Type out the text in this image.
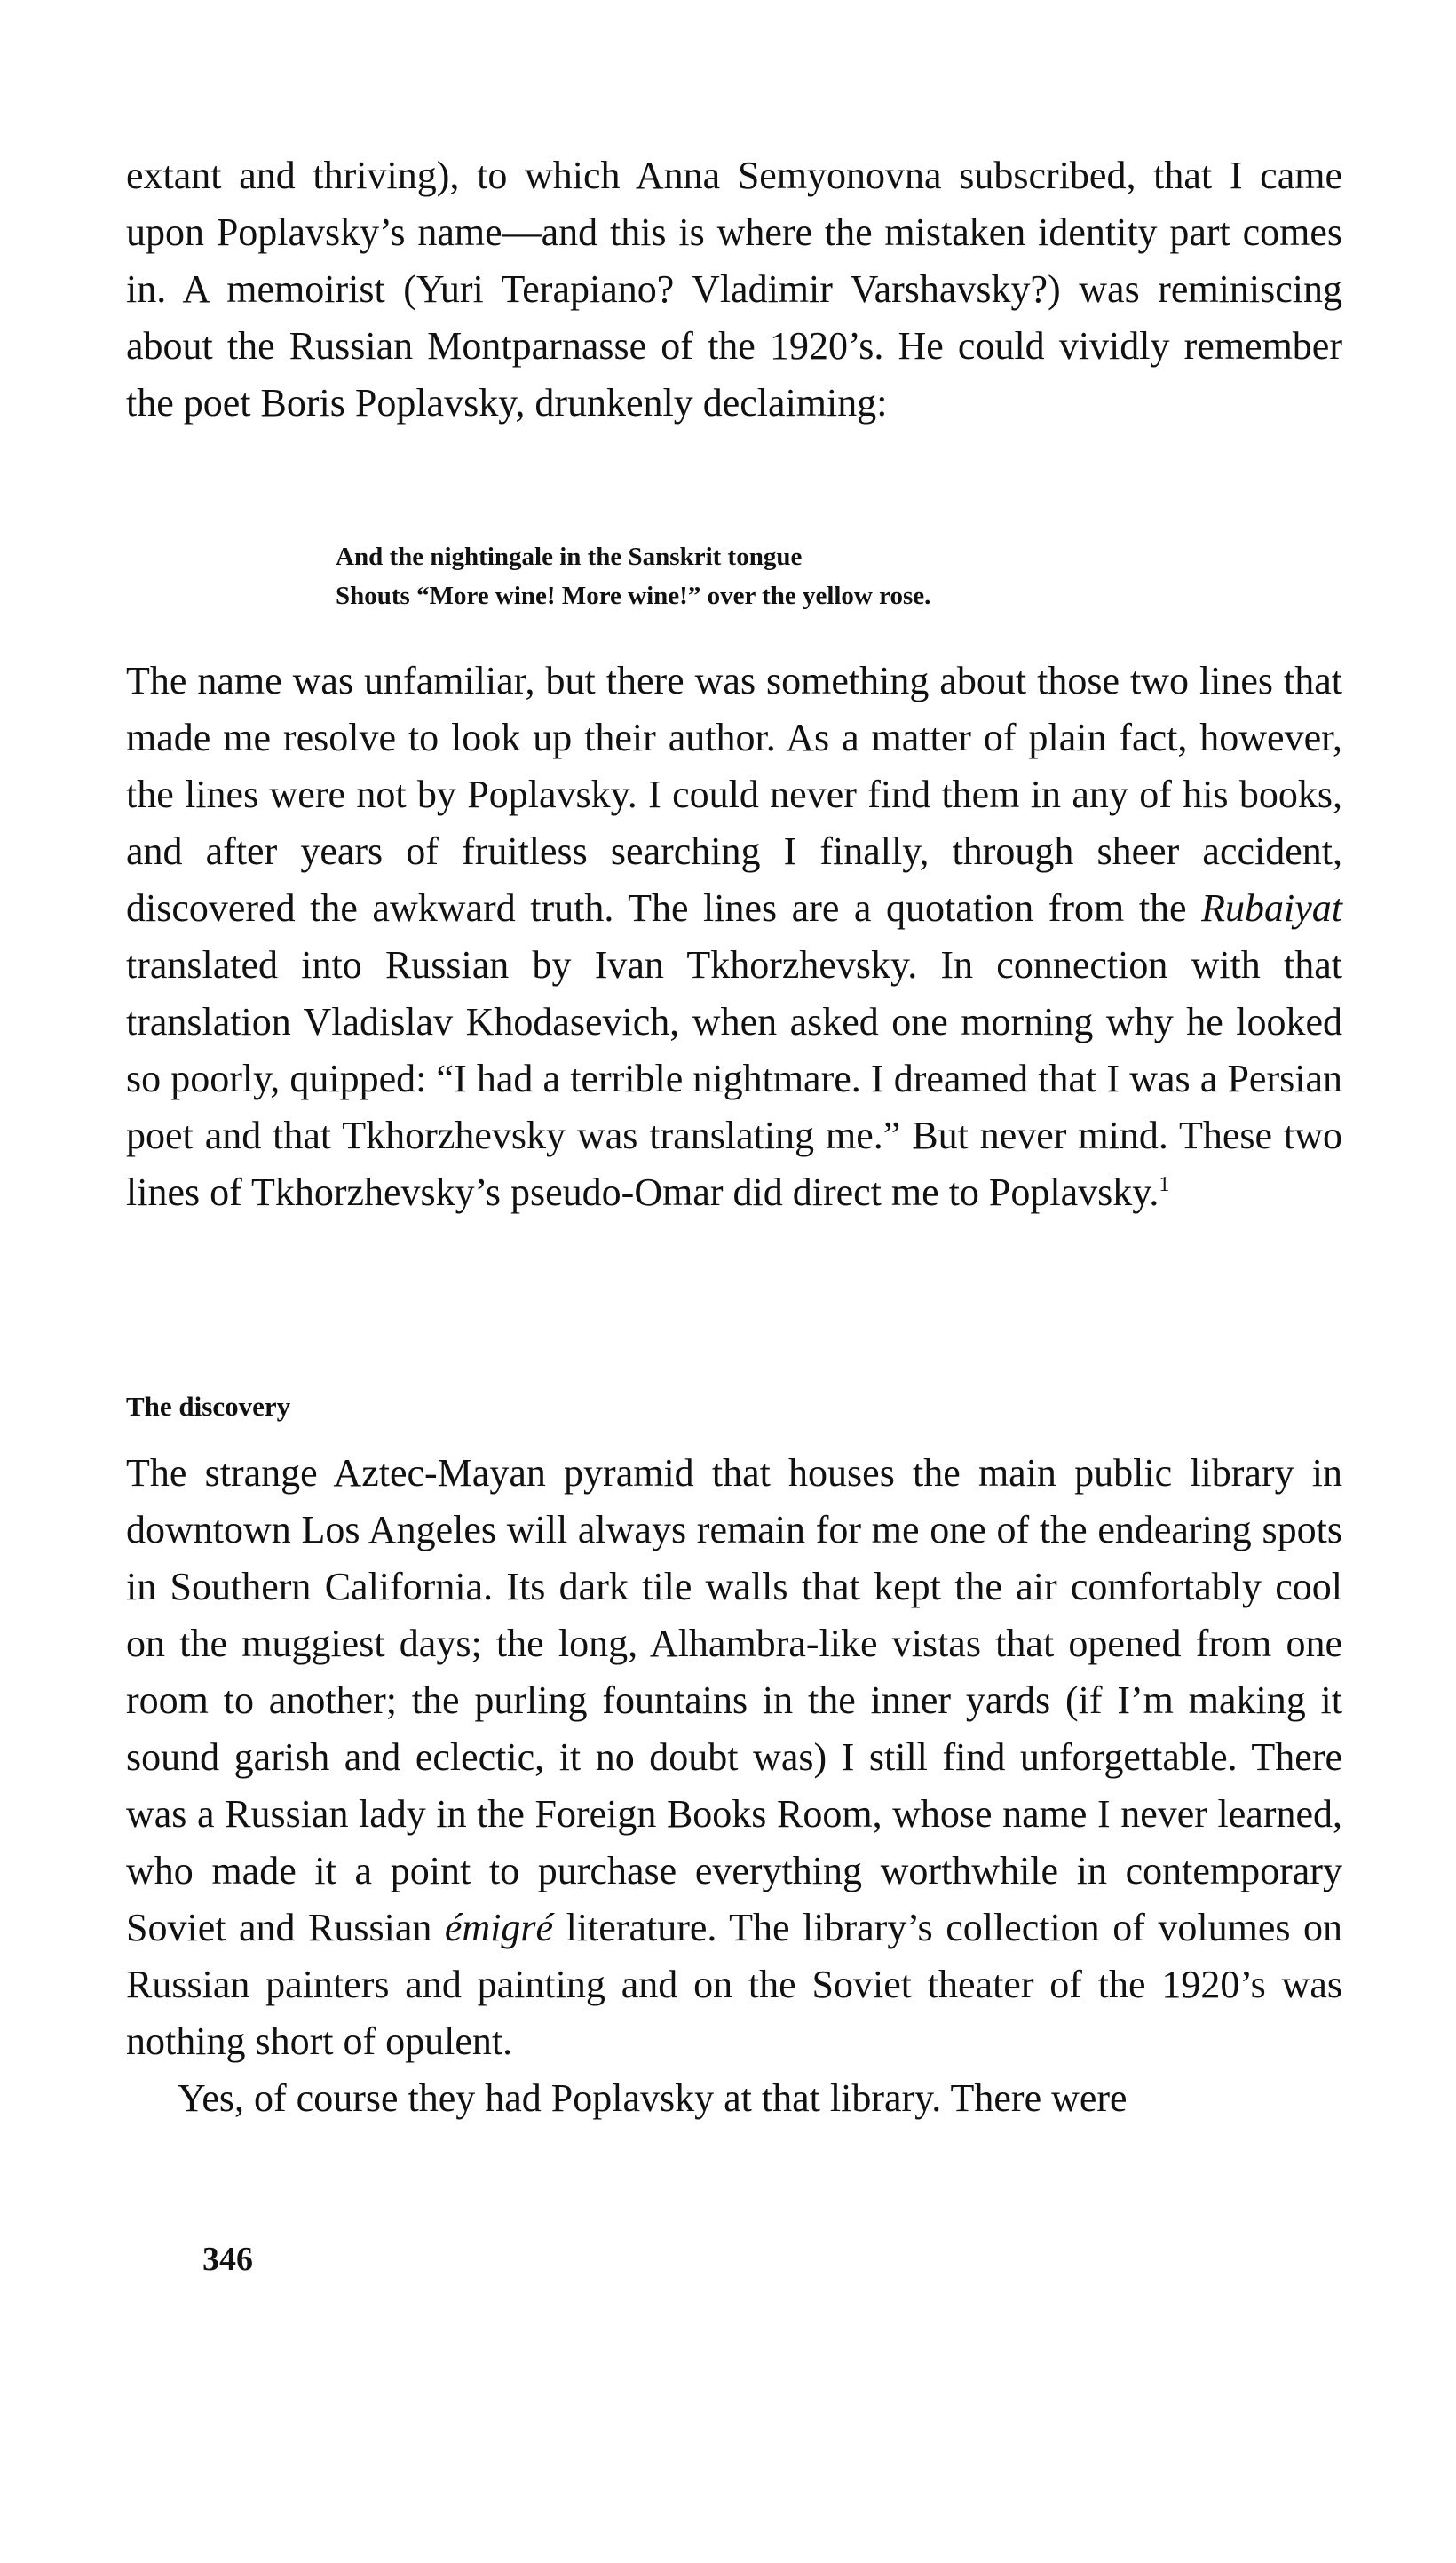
extant and thriving), to which Anna Semyonovna subscribed, that I came upon Poplavsky’s name—and this is where the mistaken identity part comes in. A memoirist (Yuri Terapiano? Vladimir Varshavsky?) was reminiscing about the Russian Montparnasse of the 1920’s. He could vividly remember the poet Boris Poplavsky, drunkenly declaiming:

And the nightingale in the Sanskrit tongue
Shouts “More wine! More wine!” over the yellow rose.

The name was unfamiliar, but there was something about those two lines that made me resolve to look up their author. As a matter of plain fact, however, the lines were not by Poplavsky. I could never find them in any of his books, and after years of fruitless searching I finally, through sheer accident, discovered the awkward truth. The lines are a quotation from the Rubaiyat translated into Russian by Ivan Tkhorzhevsky. In connection with that translation Vladislav Khodasevich, when asked one morning why he looked so poorly, quipped: “I had a terrible nightmare. I dreamed that I was a Persian poet and that Tkhorzhevsky was translating me.” But never mind. These two lines of Tkhorzhevsky’s pseudo-Omar did direct me to Poplavsky.$^1$

The discovery

The strange Aztec-Mayan pyramid that houses the main public library in downtown Los Angeles will always remain for me one of the endearing spots in Southern California. Its dark tile walls that kept the air comfortably cool on the muggiest days; the long, Alhambra-like vistas that opened from one room to another; the purling fountains in the inner yards (if I’m making it sound garish and eclectic, it no doubt was) I still find unforgettable. There was a Russian lady in the Foreign Books Room, whose name I never learned, who made it a point to purchase everything worthwhile in contemporary Soviet and Russian émigré literature. The library’s collection of volumes on Russian painters and painting and on the Soviet theater of the 1920’s was nothing short of opulent.

Yes, of course they had Poplavsky at that library. There were

346
